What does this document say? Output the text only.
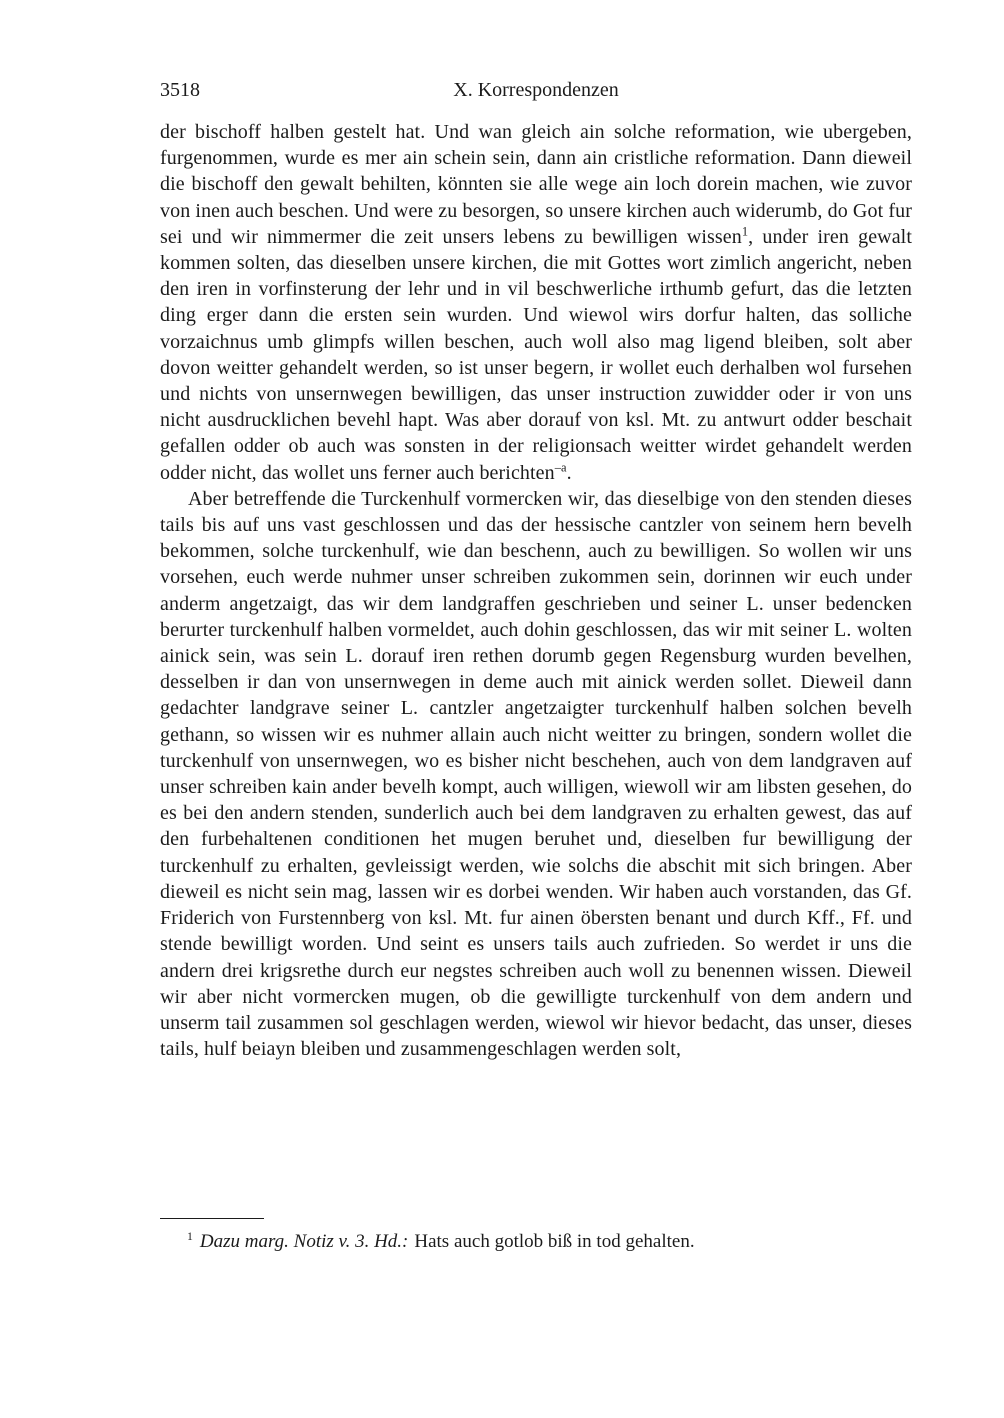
3518	X. Korrespondenzen

der bischoff halben gestelt hat. Und wan gleich ain solche reformation, wie ubergeben, furgenommen, wurde es mer ain schein sein, dann ain cristliche reformation. Dann dieweil die bischoff den gewalt behilten, könnten sie alle wege ain loch dorein machen, wie zuvor von inen auch beschen. Und were zu besorgen, so unsere kirchen auch widerumb, do Got fur sei und wir nimmermer die zeit unsers lebens zu bewilligen wissen$^1$, under iren gewalt kommen solten, das dieselben unsere kirchen, die mit Gottes wort zimlich angericht, neben den iren in vorfinsterung der lehr und in vil beschwerliche irthumb gefurt, das die letzten ding erger dann die ersten sein wurden. Und wiewol wirs dorfur halten, das solliche vorzaichnus umb glimpfs willen beschen, auch woll also mag ligend bleiben, solt aber dovon weitter gehandelt werden, so ist unser begern, ir wollet euch derhalben wol fursehen und nichts von unsernwegen bewilligen, das unser instruction zuwidder oder ir von uns nicht ausdrucklichen bevehl hapt. Was aber dorauf von ksl. Mt. zu antwurt odder beschait gefallen odder ob auch was sonsten in der religionsach weitter wirdet gehandelt werden odder nicht, das wollet uns ferner auch berichten$^{-a}$.

Aber betreffende die Turckenhulf vormercken wir, das dieselbige von den stenden dieses tails bis auf uns vast geschlossen und das der hessische cantzler von seinem hern bevelh bekommen, solche turckenhulf, wie dan beschenn, auch zu bewilligen. So wollen wir uns vorsehen, euch werde nuhmer unser schreiben zukommen sein, dorinnen wir euch under anderm angetzaigt, das wir dem landgraffen geschrieben und seiner L. unser bedencken berurter turckenhulf halben vormeldet, auch dohin geschlossen, das wir mit seiner L. wolten ainick sein, was sein L. dorauf iren rethen dorumb gegen Regensburg wurden bevelhen, desselben ir dan von unsernwegen in deme auch mit ainick werden sollet. Dieweil dann gedachter landgrave seiner L. cantzler angetzaigter turckenhulf halben solchen bevelh gethann, so wissen wir es nuhmer allain auch nicht weitter zu bringen, sondern wollet die turckenhulf von unsernwegen, wo es bisher nicht beschehen, auch von dem landgraven auf unser schreiben kain ander bevelh kompt, auch willigen, wiewoll wir am libsten gesehen, do es bei den andern stenden, sunderlich auch bei dem landgraven zu erhalten gewest, das auf den furbehaltenen conditionen het mugen beruhet und, dieselben fur bewilligung der turckenhulf zu erhalten, gevleissigt werden, wie solchs die abschit mit sich bringen. Aber dieweil es nicht sein mag, lassen wir es dorbei wenden. Wir haben auch vorstanden, das Gf. Friderich von Furstennberg von ksl. Mt. fur ainen öbersten benant und durch Kff., Ff. und stende bewilligt worden. Und seint es unsers tails auch zufrieden. So werdet ir uns die andern drei krigsrethe durch eur negstes schreiben auch woll zu benennen wissen. Dieweil wir aber nicht vormercken mugen, ob die gewilligte turckenhulf von dem andern und unserm tail zusammen sol geschlagen werden, wiewol wir hievor bedacht, das unser, dieses tails, hulf beiayn bleiben und zusammengeschlagen werden solt,

$^1$ Dazu marg. Notiz v. 3. Hd.: Hats auch gotlob biß in tod gehalten.
